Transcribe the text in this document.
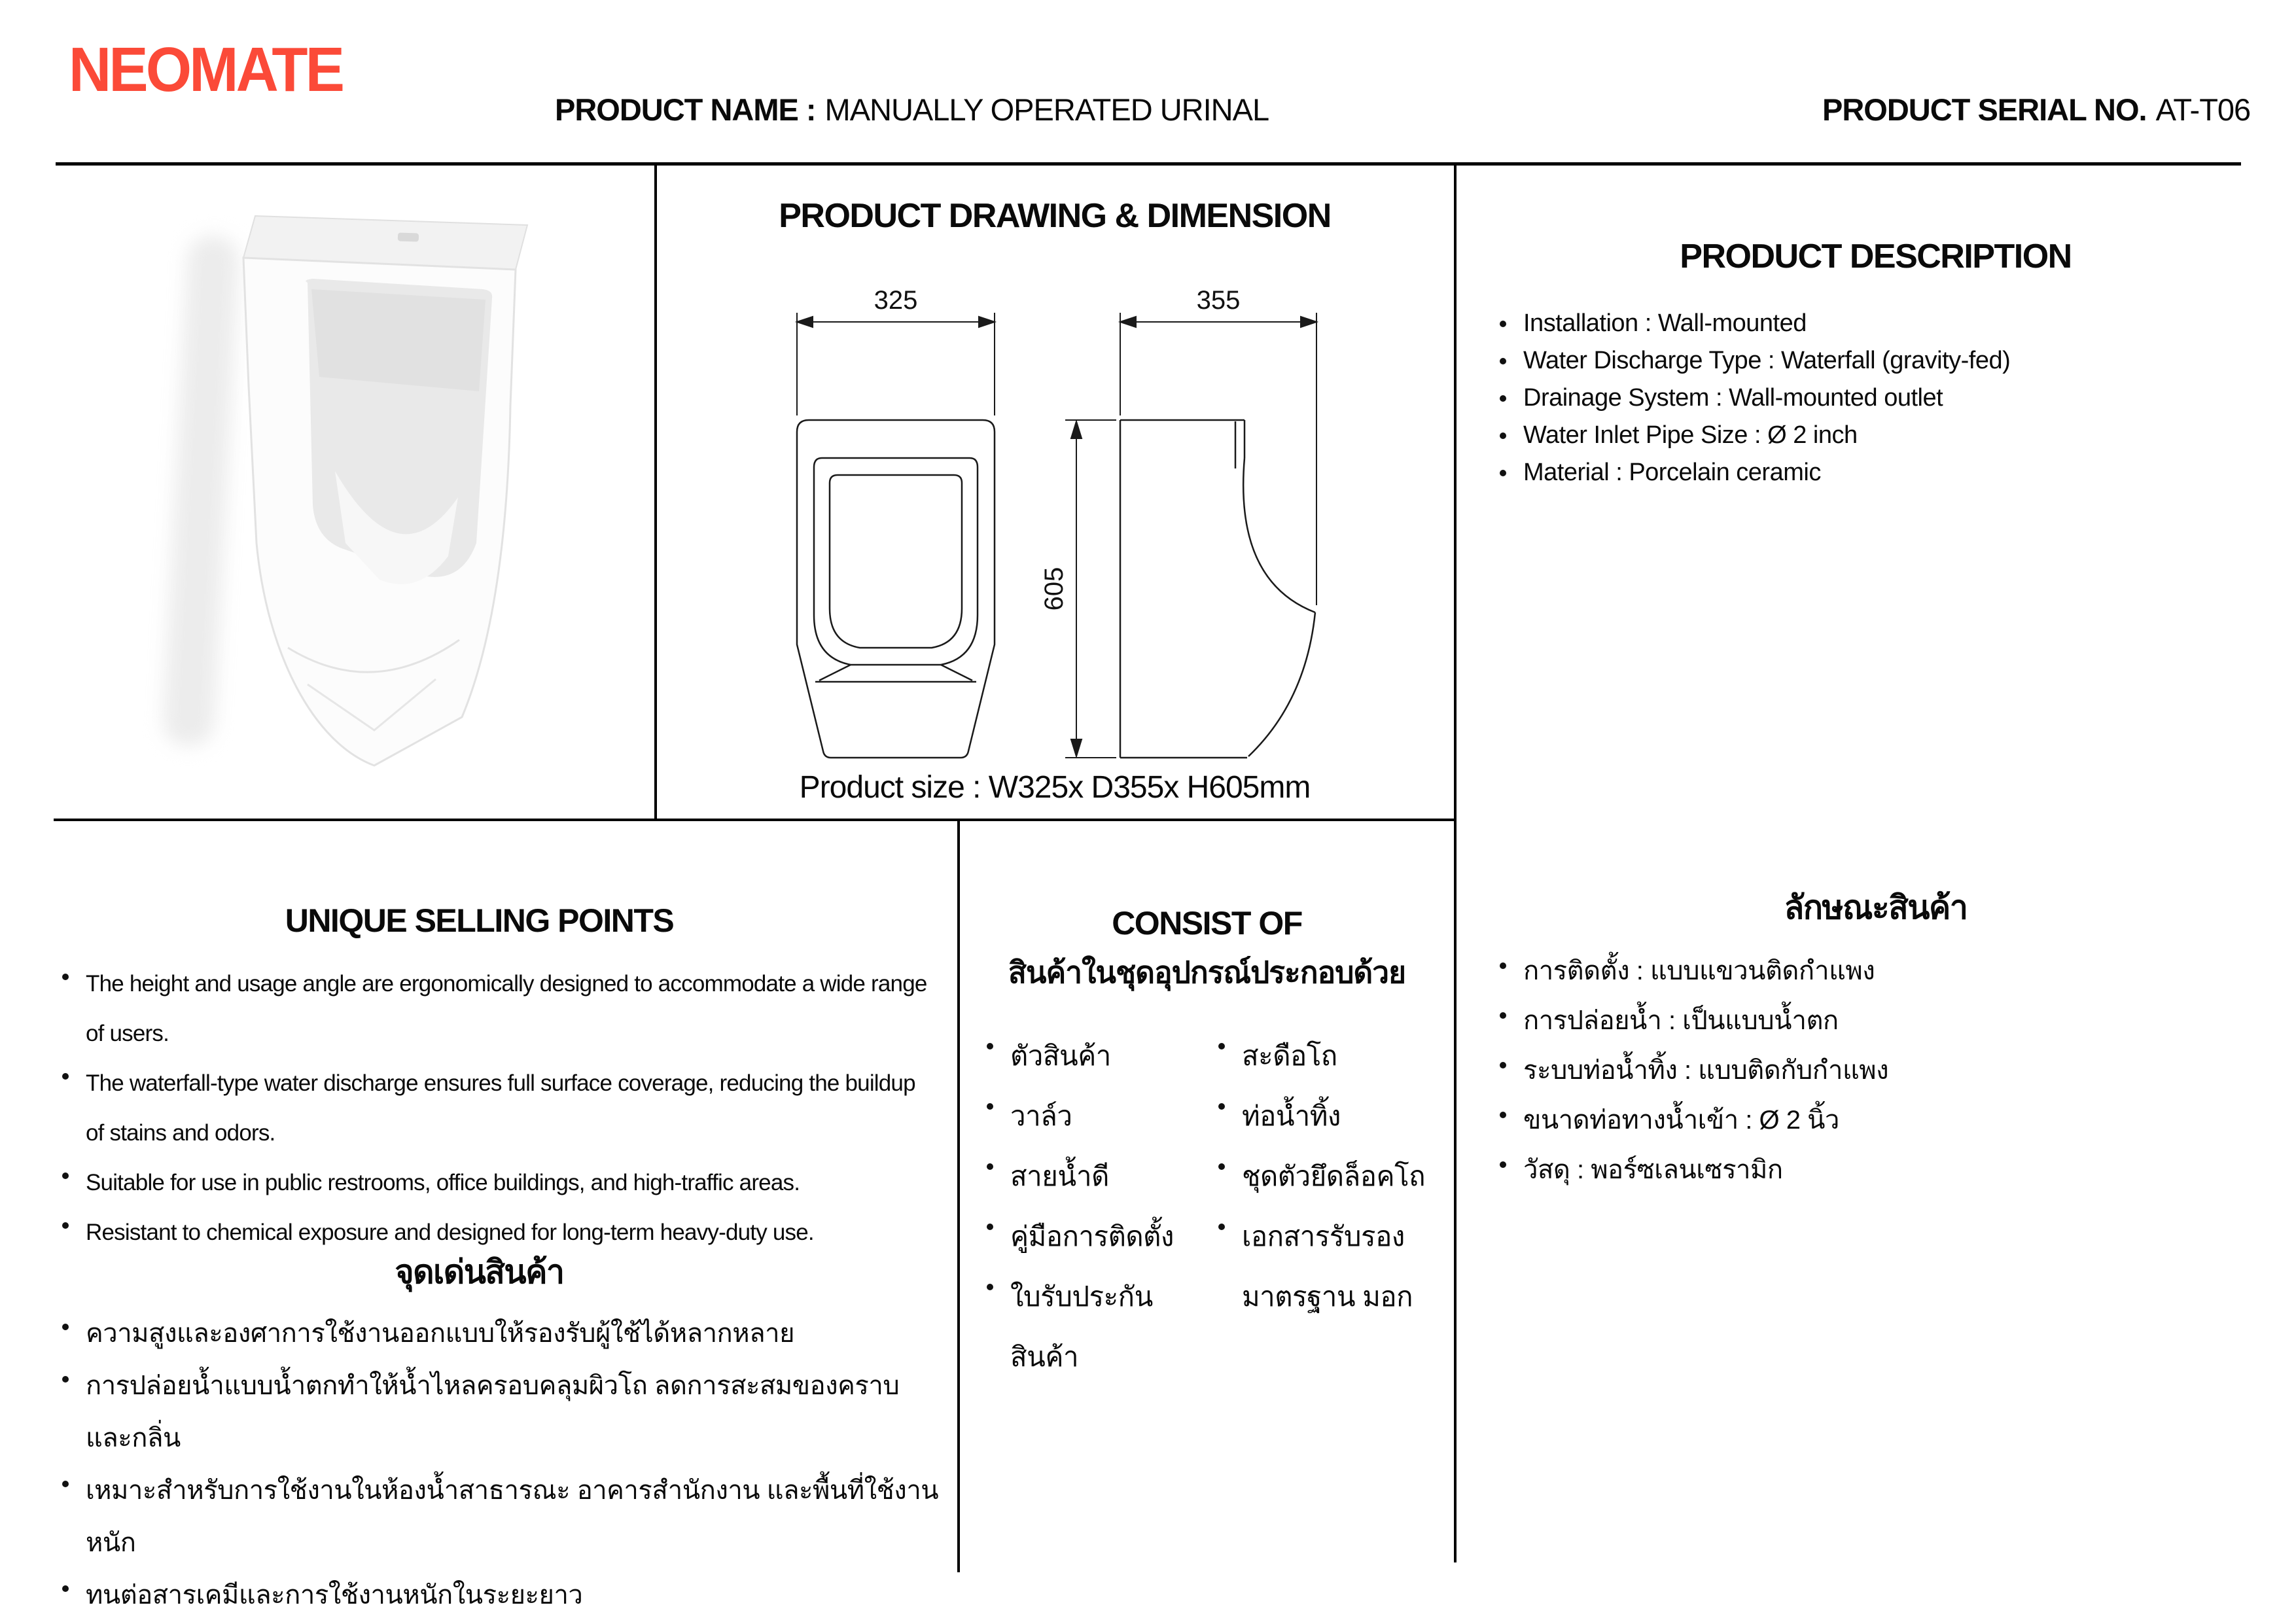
NEOMATE
PRODUCT NAME : MANUALLY OPERATED URINAL	PRODUCT SERIAL NO. AT-T06
PRODUCT DRAWING & DIMENSION
325	355
605
Product size : W325x D355x H605mm
PRODUCT DESCRIPTION
Installation : Wall-mounted
Water Discharge Type : Waterfall (gravity-fed)
Drainage System : Wall-mounted outlet
Water Inlet Pipe Size : Ø 2 inch
Material : Porcelain ceramic
ลักษณะสินค้า
การติดตั้ง : แบบแขวนติดกำแพง
การปล่อยน้ำ : เป็นแบบน้ำตก
ระบบท่อน้ำทิ้ง : แบบติดกับกำแพง
ขนาดท่อทางน้ำเข้า : Ø 2 นิ้ว
วัสดุ : พอร์ซเลนเซรามิก
UNIQUE SELLING POINTS
The height and usage angle are ergonomically designed to accommodate a wide range of users.
The waterfall-type water discharge ensures full surface coverage, reducing the buildup of stains and odors.
Suitable for use in public restrooms, office buildings, and high-traffic areas.
Resistant to chemical exposure and designed for long-term heavy-duty use.
จุดเด่นสินค้า
ความสูงและองศาการใช้งานออกแบบให้รองรับผู้ใช้ได้หลากหลาย
การปล่อยน้ำแบบน้ำตกทำให้น้ำไหลครอบคลุมผิวโถ ลดการสะสมของคราบและกลิ่น
เหมาะสำหรับการใช้งานในห้องน้ำสาธารณะ อาคารสำนักงาน และพื้นที่ใช้งานหนัก
ทนต่อสารเคมีและการใช้งานหนักในระยะยาว
CONSIST OF
สินค้าในชุดอุปกรณ์ประกอบด้วย
ตัวสินค้า
วาล์ว
สายน้ำดี
คู่มือการติดตั้ง
ใบรับประกันสินค้า
สะดือโถ
ท่อน้ำทิ้ง
ชุดตัวยึดล็อคโถ
เอกสารรับรอง มาตรฐาน มอก
